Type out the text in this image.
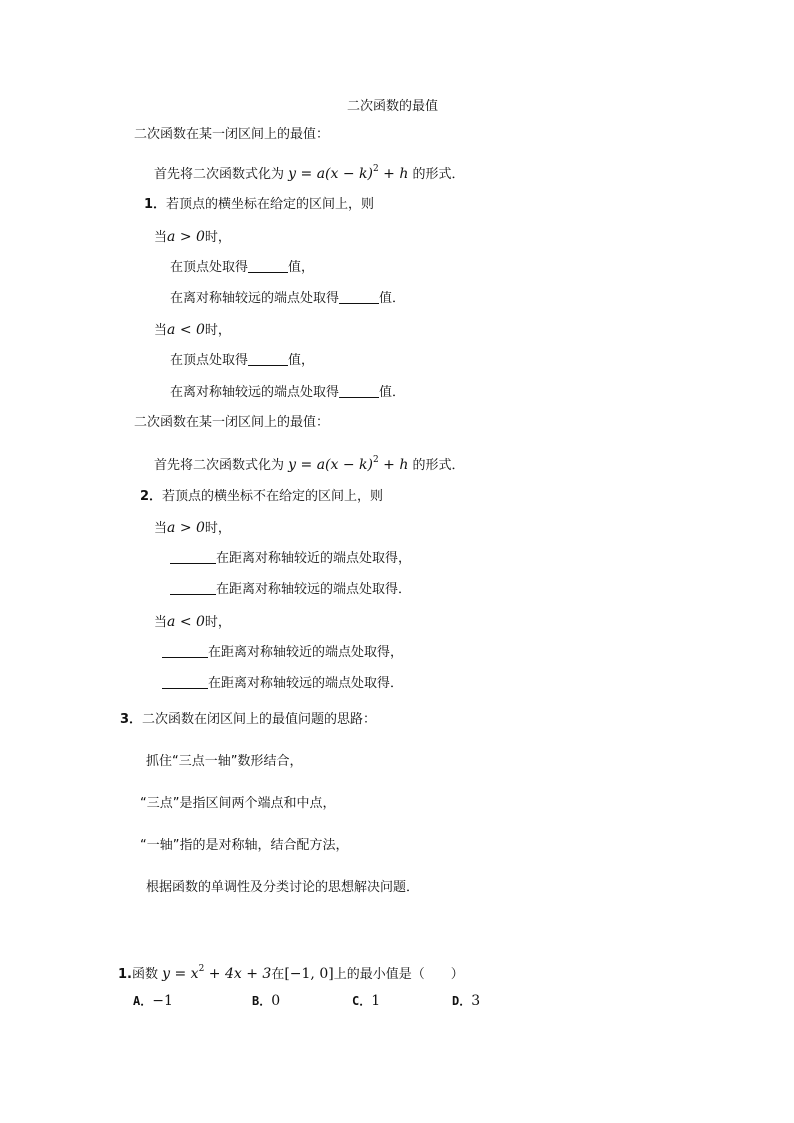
二次函数的最值
二次函数在某一闭区间上的最值：
首先将二次函数式化为 $y = a(x - k)^2 + h$ 的形式．
1．若顶点的横坐标在给定的区间上，则
当a > 0时，
在顶点处取得	值，
在离对称轴较远的端点处取得	值．
当a < 0时，
在顶点处取得	值，
在离对称轴较远的端点处取得	值．
二次函数在某一闭区间上的最值：
首先将二次函数式化为 $y = a(x - k)^2 + h$ 的形式．
2．若顶点的横坐标不在给定的区间上，则
当a > 0时，
在距离对称轴较近的端点处取得，
在距离对称轴较远的端点处取得．
当a < 0时，
在距离对称轴较近的端点处取得，
在距离对称轴较远的端点处取得．
3．二次函数在闭区间上的最值问题的思路：
抓住“三点一轴”数形结合，
“三点”是指区间两个端点和中点，
“一轴”指的是对称轴，结合配方法，
根据函数的单调性及分类讨论的思想解决问题．
1.函数 $y = x^2 + 4x + 3$在[−1, 0]上的最小值是（　　）
A．−1	B．0	C．1	D．3
